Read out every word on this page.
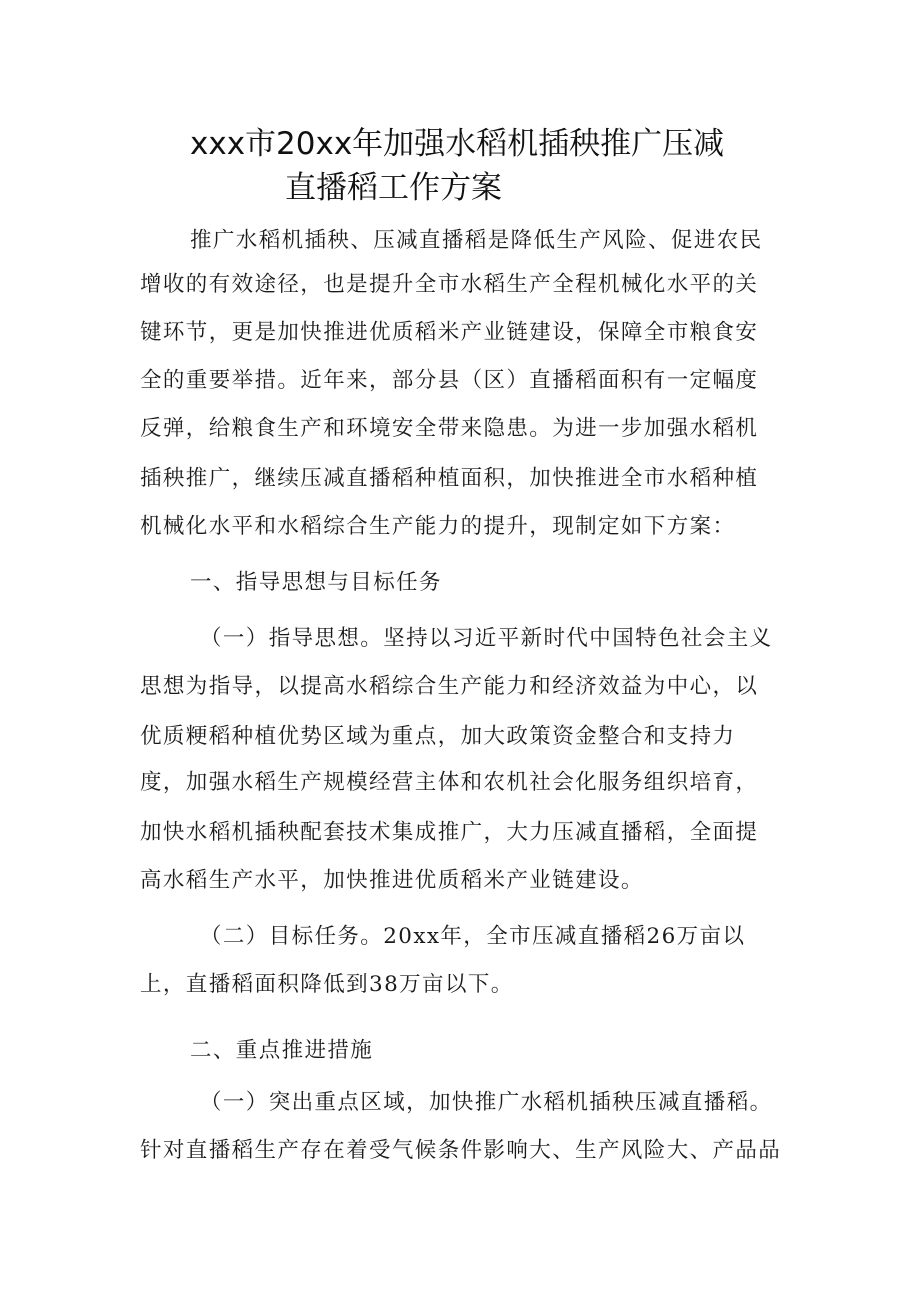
xxx市20xx年加强水稻机插秧推广压减
直播稻工作方案
推广水稻机插秧、压减直播稻是降低生产风险、促进农民
增收的有效途径，也是提升全市水稻生产全程机械化水平的关
键环节，更是加快推进优质稻米产业链建设，保障全市粮食安
全的重要举措。近年来，部分县（区）直播稻面积有一定幅度
反弹，给粮食生产和环境安全带来隐患。为进一步加强水稻机
插秧推广，继续压减直播稻种植面积，加快推进全市水稻种植
机械化水平和水稻综合生产能力的提升，现制定如下方案：
一、指导思想与目标任务
（一）指导思想。坚持以习近平新时代中国特色社会主义
思想为指导，以提高水稻综合生产能力和经济效益为中心，以
优质粳稻种植优势区域为重点，加大政策资金整合和支持力
度，加强水稻生产规模经营主体和农机社会化服务组织培育，
加快水稻机插秧配套技术集成推广，大力压减直播稻，全面提
高水稻生产水平，加快推进优质稻米产业链建设。
（二）目标任务。20xx年，全市压减直播稻26万亩以
上，直播稻面积降低到38万亩以下。
二、重点推进措施
（一）突出重点区域，加快推广水稻机插秧压减直播稻。
针对直播稻生产存在着受气候条件影响大、生产风险大、产品品
